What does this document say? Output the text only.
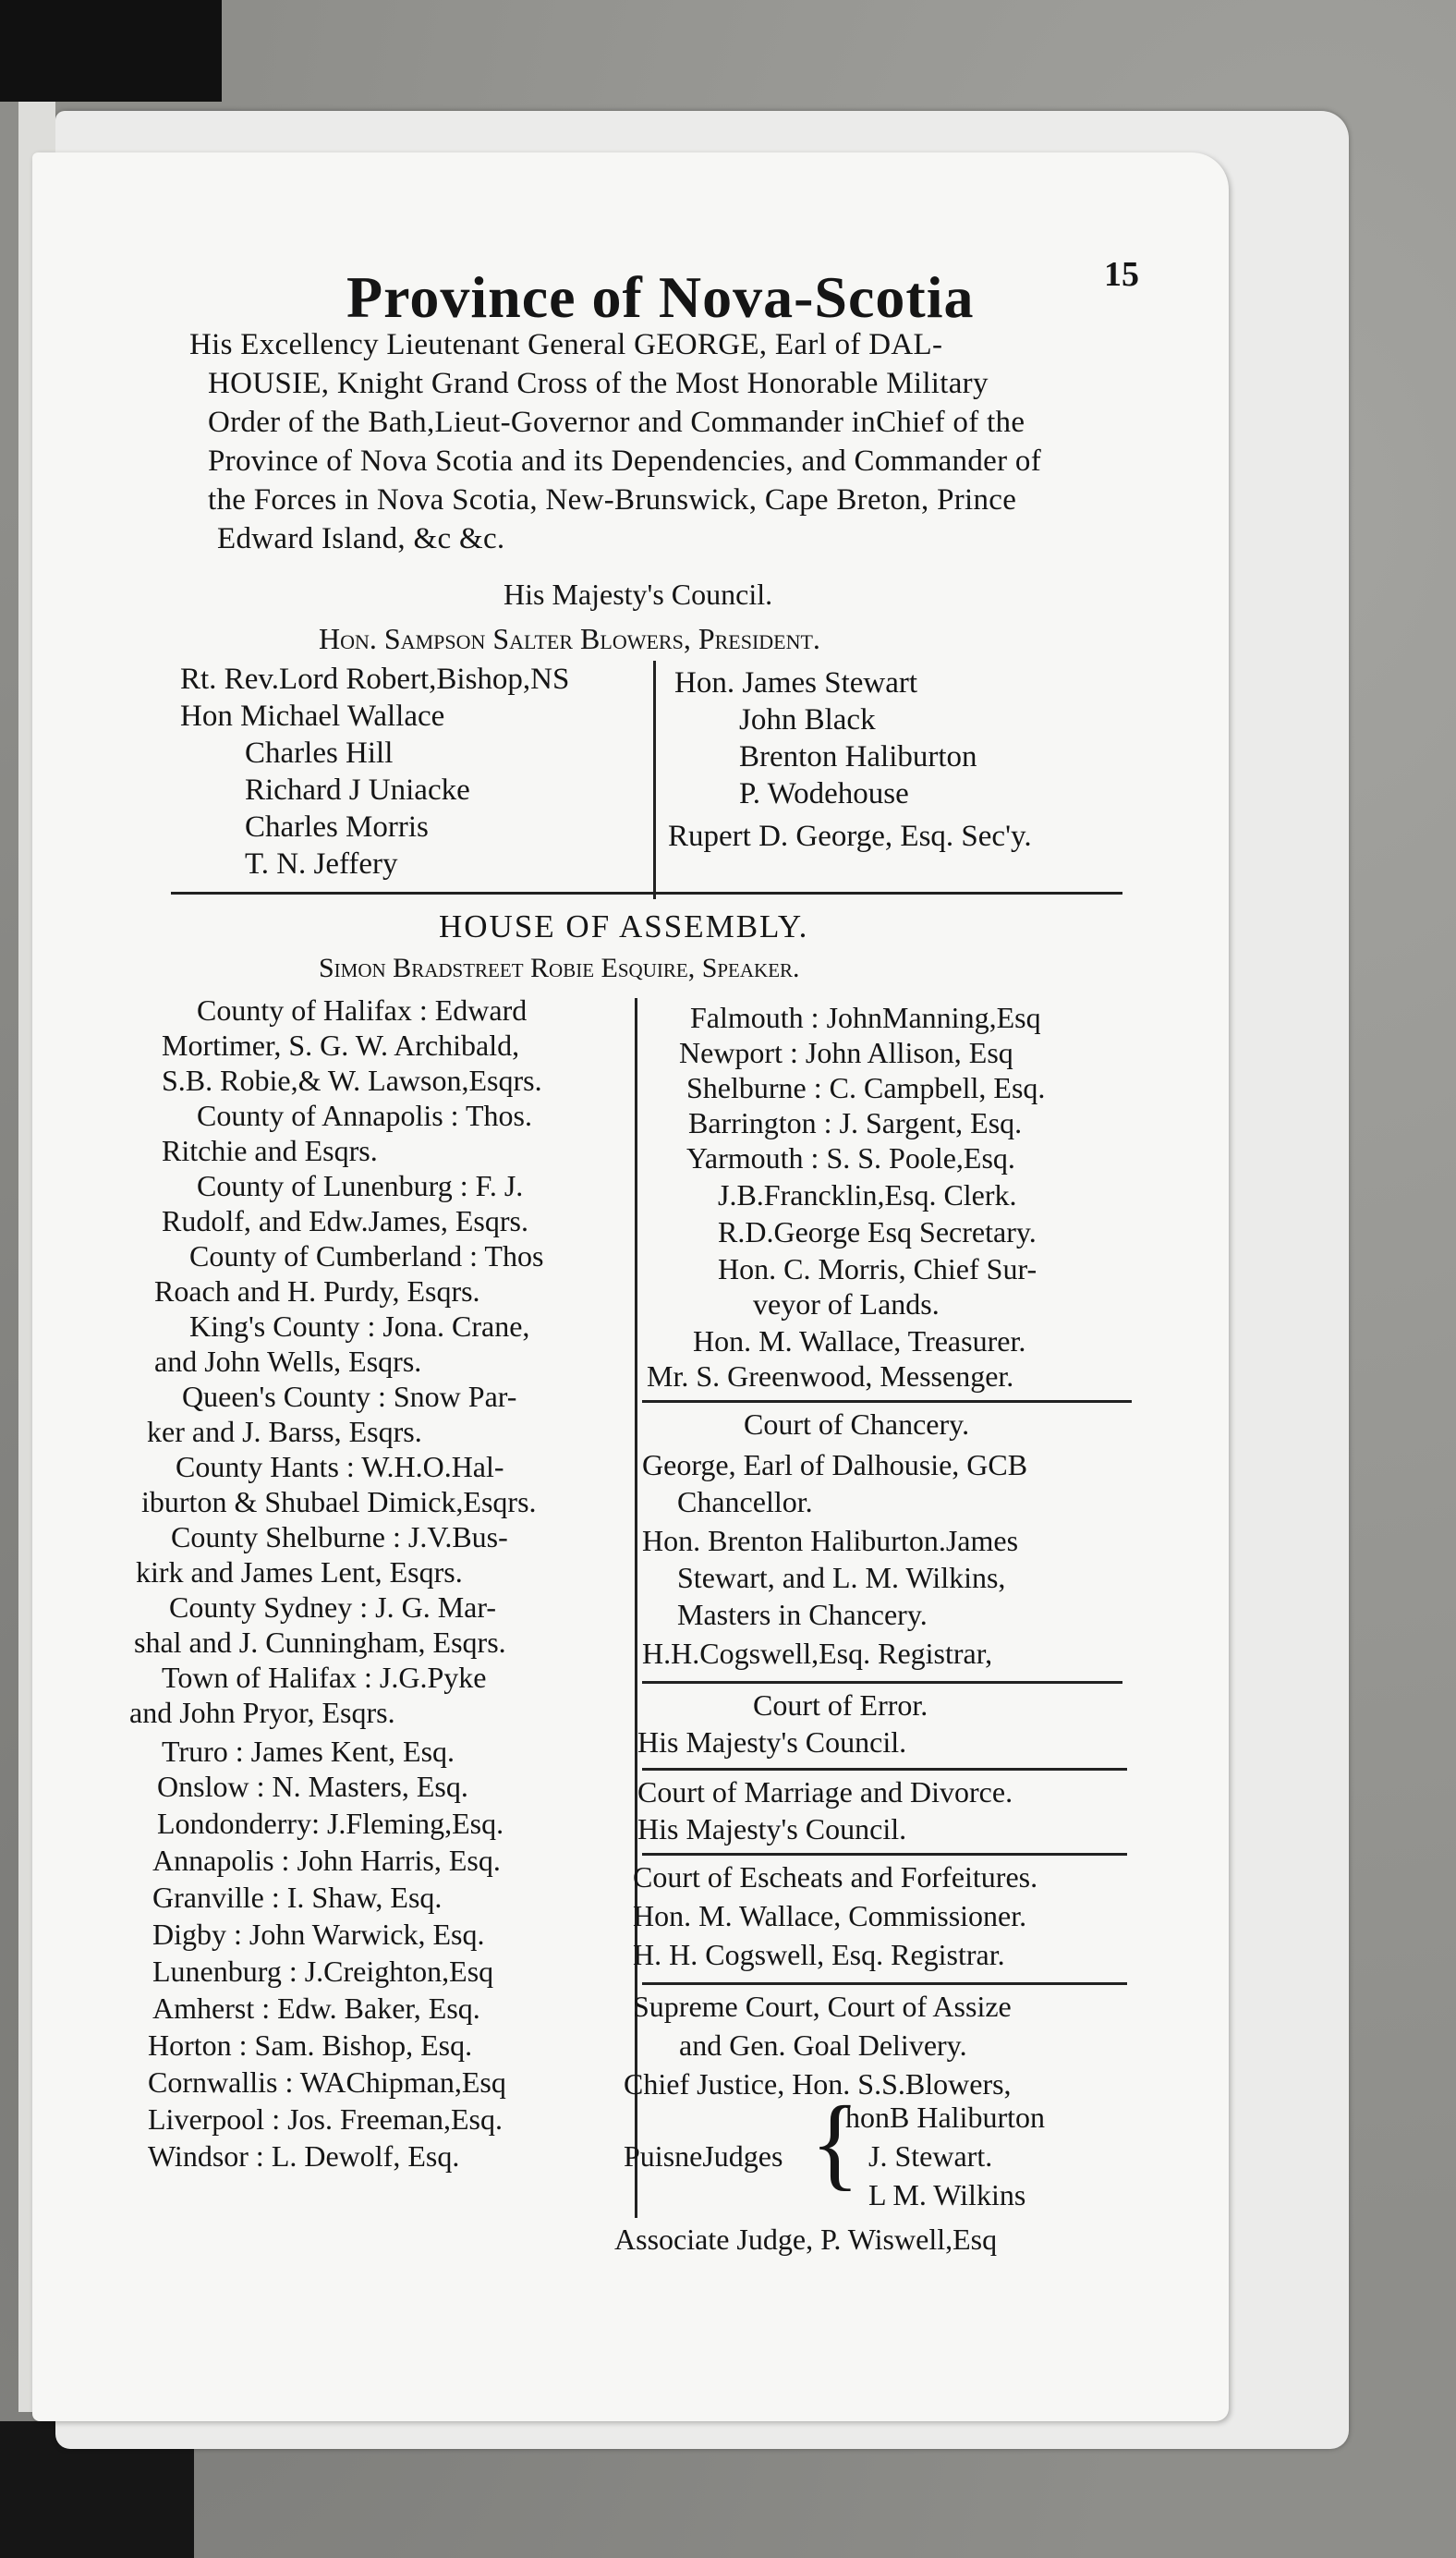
15
Province of Nova-Scotia
His Excellency Lieutenant General GEORGE, Earl of DAL-
HOUSIE, Knight Grand Cross of the Most Honorable Military
Order of the Bath,Lieut-Governor and Commander inChief of the
Province of Nova Scotia and its Dependencies, and Commander of
the Forces in Nova Scotia, New-Brunswick, Cape Breton, Prince
Edward Island, &c &c.
His Majesty's Council.
Hon. Sampson Salter Blowers, President.
Rt. Rev.Lord Robert,Bishop,NS
Hon Michael Wallace
Charles Hill
Richard J Uniacke
Charles Morris
T. N. Jeffery
Hon. James Stewart
John Black
Brenton Haliburton
P. Wodehouse
Rupert D. George, Esq. Sec'y.
HOUSE OF ASSEMBLY.
Simon Bradstreet Robie Esquire, Speaker.
County of Halifax : Edward
Mortimer, S. G. W. Archibald,
S.B. Robie,& W. Lawson,Esqrs.
County of Annapolis : Thos.
Ritchie and Esqrs.
County of Lunenburg : F. J.
Rudolf, and Edw.James, Esqrs.
County of Cumberland : Thos
Roach and H. Purdy, Esqrs.
King's County : Jona. Crane,
and John Wells, Esqrs.
Queen's County : Snow Par-
ker and J. Barss, Esqrs.
County Hants : W.H.O.Hal-
iburton & Shubael Dimick,Esqrs.
County Shelburne : J.V.Bus-
kirk and James Lent, Esqrs.
County Sydney : J. G. Mar-
shal and J. Cunningham, Esqrs.
Town of Halifax : J.G.Pyke
and John Pryor, Esqrs.
Truro : James Kent, Esq.
Onslow : N. Masters, Esq.
Londonderry: J.Fleming,Esq.
Annapolis : John Harris, Esq.
Granville : I. Shaw, Esq.
Digby : John Warwick, Esq.
Lunenburg : J.Creighton,Esq
Amherst : Edw. Baker, Esq.
Horton : Sam. Bishop, Esq.
Cornwallis : WAChipman,Esq
Liverpool : Jos. Freeman,Esq.
Windsor : L. Dewolf, Esq.
Falmouth : JohnManning,Esq
Newport : John Allison, Esq
Shelburne : C. Campbell, Esq.
Barrington : J. Sargent, Esq.
Yarmouth : S. S. Poole,Esq.
J.B.Francklin,Esq. Clerk.
R.D.George Esq Secretary.
Hon. C. Morris, Chief Sur-
veyor of Lands.
Hon. M. Wallace, Treasurer.
Mr. S. Greenwood, Messenger.
Court of Chancery.
George, Earl of Dalhousie, GCB
Chancellor.
Hon. Brenton Haliburton.James
Stewart, and L. M. Wilkins,
Masters in Chancery.
H.H.Cogswell,Esq. Registrar,
Court of Error.
His Majesty's Council.
Court of Marriage and Divorce.
His Majesty's Council.
Court of Escheats and Forfeitures.
Hon. M. Wallace, Commissioner.
H. H. Cogswell, Esq. Registrar.
Supreme Court, Court of Assize
and Gen. Goal Delivery.
Chief Justice, Hon. S.S.Blowers,
PuisneJudges
honB Haliburton
J. Stewart.
L M. Wilkins
Associate Judge, P. Wiswell,Esq
{
